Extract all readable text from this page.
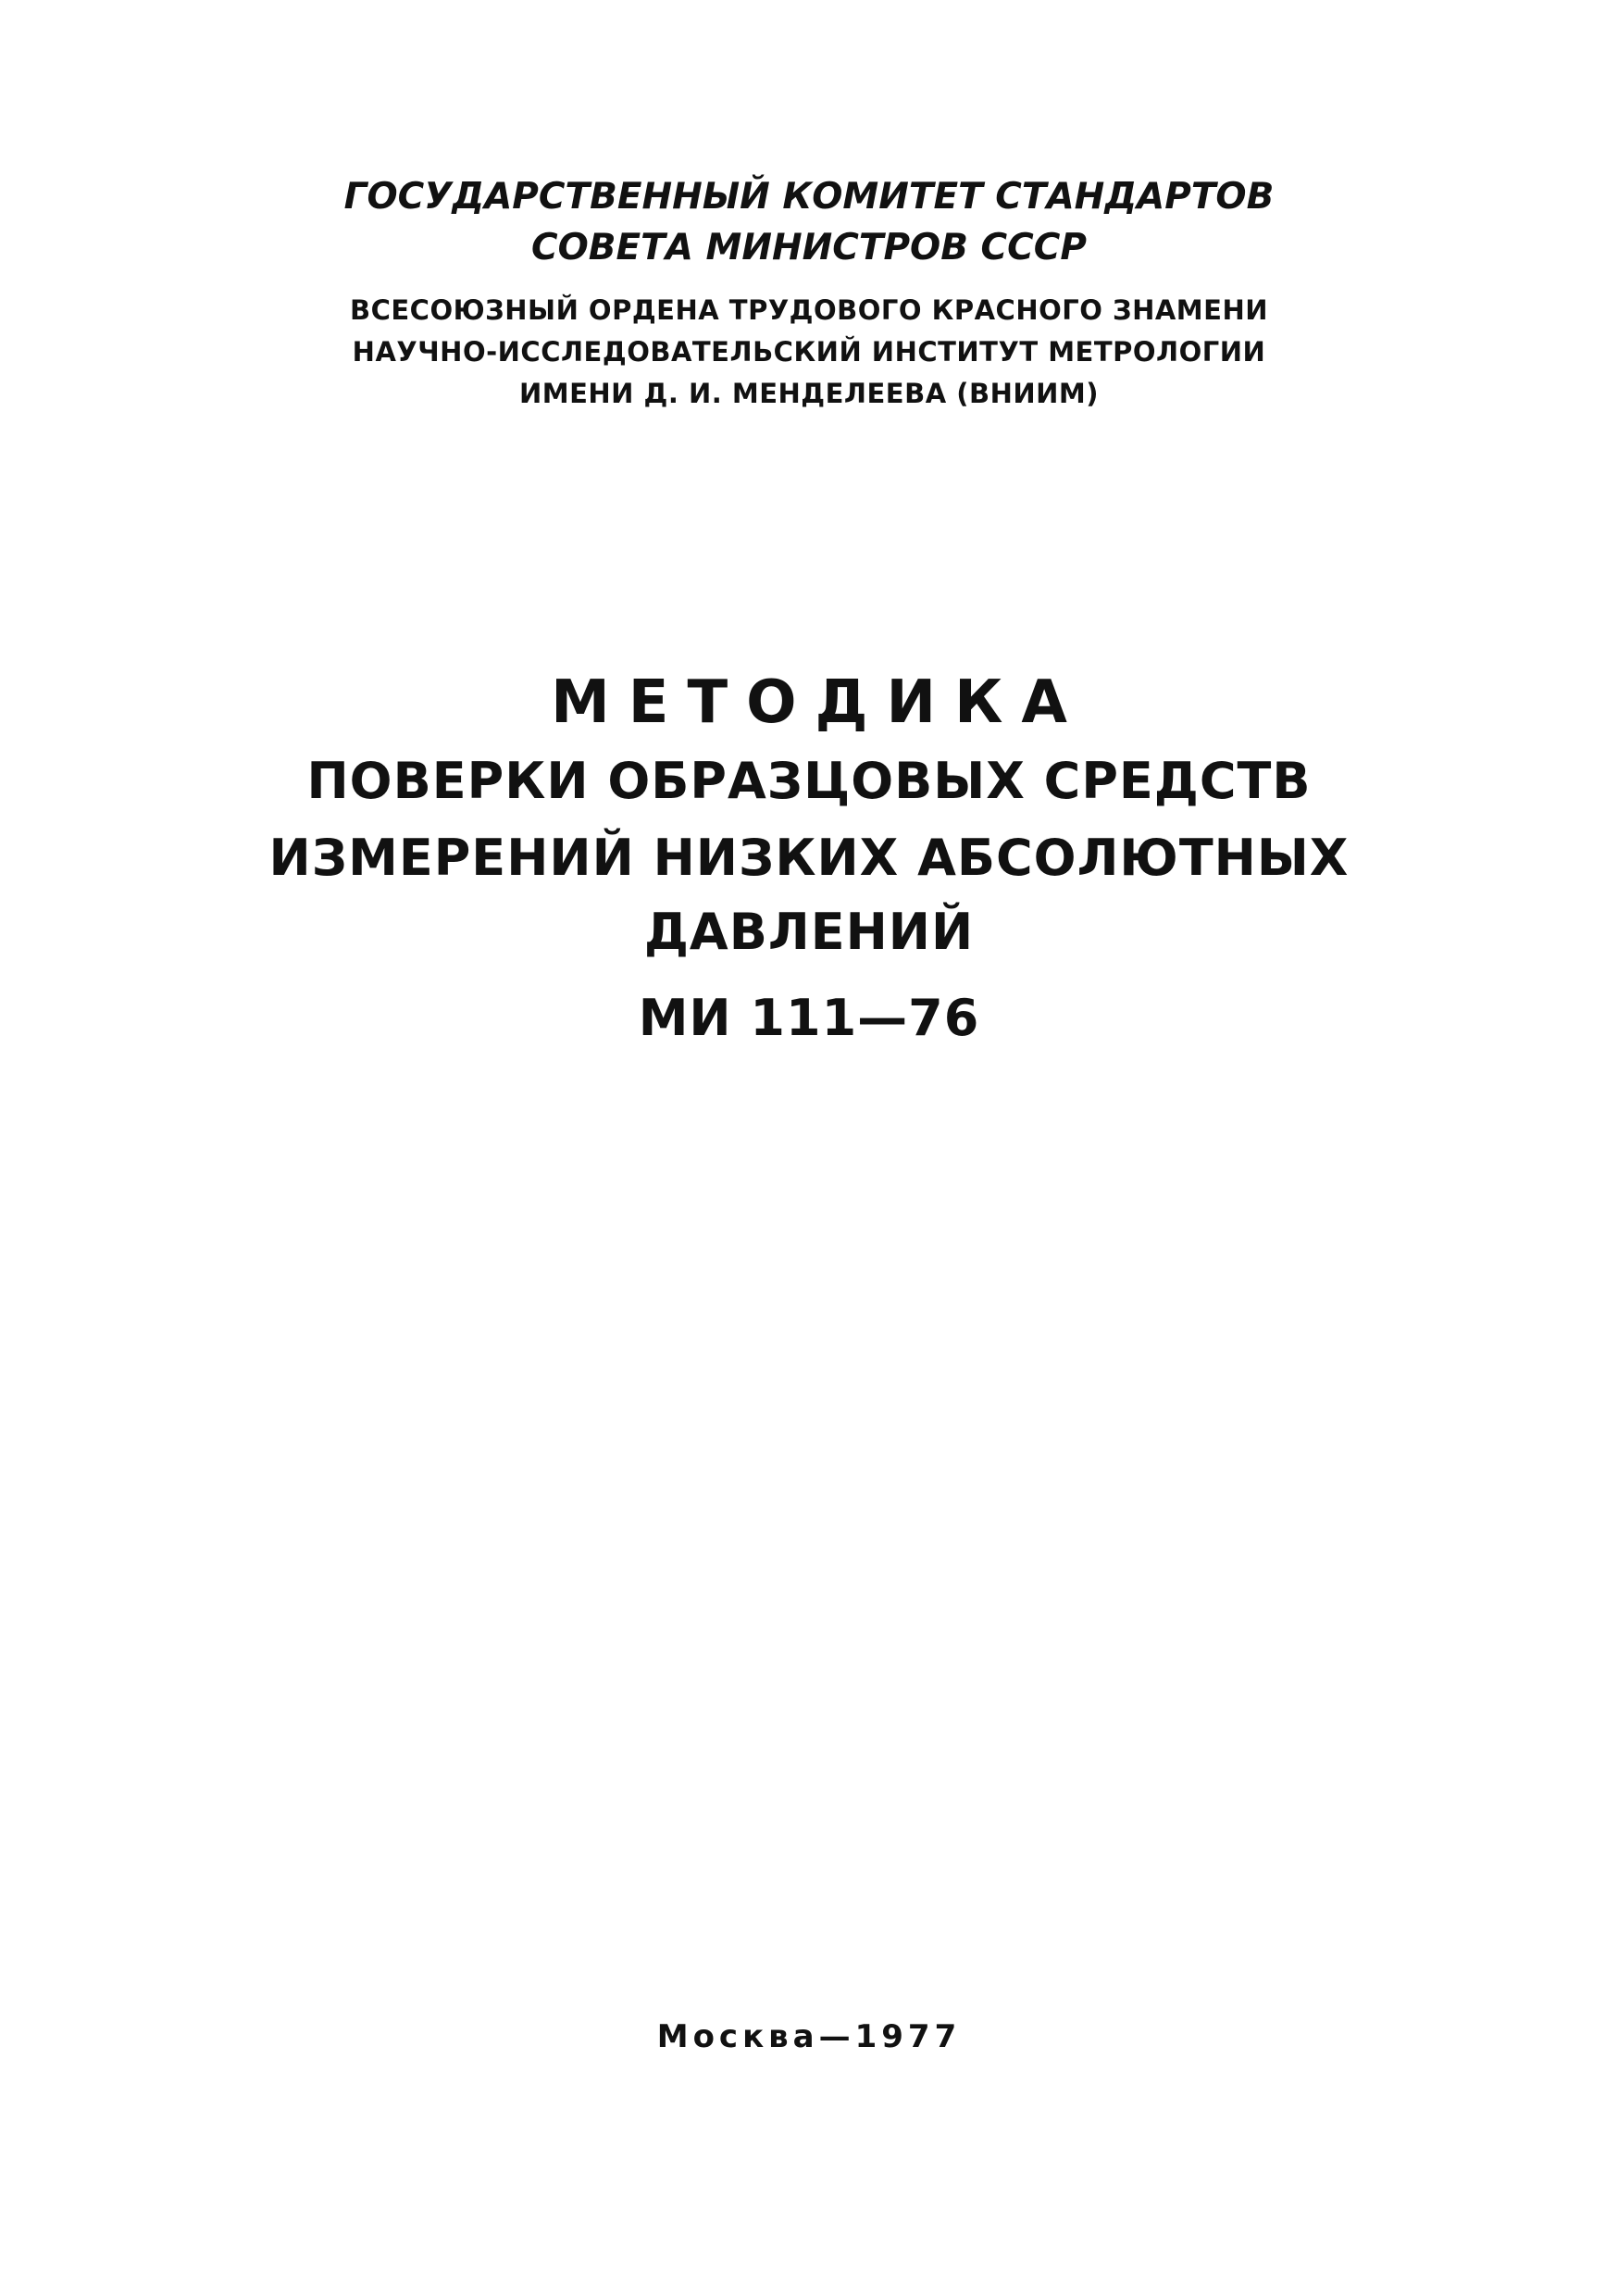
ГОСУДАРСТВЕННЫЙ КОМИТЕТ СТАНДАРТОВ
СОВЕТА МИНИСТРОВ СССР
ВСЕСОЮЗНЫЙ ОРДЕНА ТРУДОВОГО КРАСНОГО ЗНАМЕНИ
НАУЧНО-ИССЛЕДОВАТЕЛЬСКИЙ ИНСТИТУТ МЕТРОЛОГИИ
ИМЕНИ Д. И. МЕНДЕЛЕЕВА (ВНИИМ)
МЕТОДИКА
ПОВЕРКИ ОБРАЗЦОВЫХ СРЕДСТВ
ИЗМЕРЕНИЙ НИЗКИХ АБСОЛЮТНЫХ
ДАВЛЕНИЙ
МИ 111—76
Москва—1977
